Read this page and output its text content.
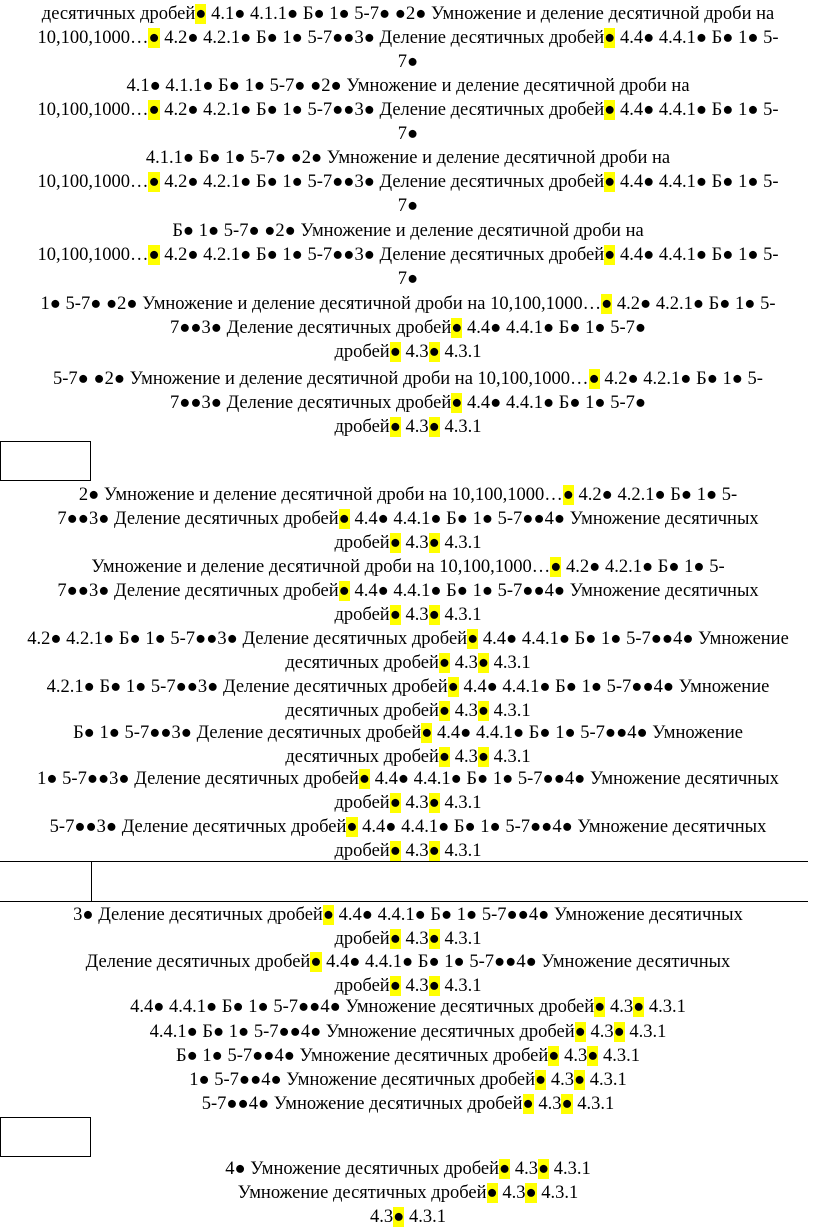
десятичных дробей● 4.1● 4.1.1● Б● 1● 5-7● ●2● Умножение и деление десятичной дроби на
10,100,1000…● 4.2● 4.2.1● Б● 1● 5-7●●3● Деление десятичных дробей● 4.4● 4.4.1● Б● 1● 5-
7●
4.1● 4.1.1● Б● 1● 5-7● ●2● Умножение и деление десятичной дроби на
10,100,1000…● 4.2● 4.2.1● Б● 1● 5-7●●3● Деление десятичных дробей● 4.4● 4.4.1● Б● 1● 5-
7●
4.1.1● Б● 1● 5-7● ●2● Умножение и деление десятичной дроби на
10,100,1000…● 4.2● 4.2.1● Б● 1● 5-7●●3● Деление десятичных дробей● 4.4● 4.4.1● Б● 1● 5-
7●
Б● 1● 5-7● ●2● Умножение и деление десятичной дроби на
10,100,1000…● 4.2● 4.2.1● Б● 1● 5-7●●3● Деление десятичных дробей● 4.4● 4.4.1● Б● 1● 5-
7●
1● 5-7● ●2● Умножение и деление десятичной дроби на 10,100,1000…● 4.2● 4.2.1● Б● 1● 5-
7●●3● Деление десятичных дробей● 4.4● 4.4.1● Б● 1● 5-7●
дробей● 4.3● 4.3.1
5-7● ●2● Умножение и деление десятичной дроби на 10,100,1000…● 4.2● 4.2.1● Б● 1● 5-
7●●3● Деление десятичных дробей● 4.4● 4.4.1● Б● 1● 5-7●
дробей● 4.3● 4.3.1
2● Умножение и деление десятичной дроби на 10,100,1000…● 4.2● 4.2.1● Б● 1● 5-
7●●3● Деление десятичных дробей● 4.4● 4.4.1● Б● 1● 5-7●●4● Умножение десятичных
дробей● 4.3● 4.3.1
Умножение и деление десятичной дроби на 10,100,1000…● 4.2● 4.2.1● Б● 1● 5-
7●●3● Деление десятичных дробей● 4.4● 4.4.1● Б● 1● 5-7●●4● Умножение десятичных
дробей● 4.3● 4.3.1
4.2● 4.2.1● Б● 1● 5-7●●3● Деление десятичных дробей● 4.4● 4.4.1● Б● 1● 5-7●●4● Умножение
десятичных дробей● 4.3● 4.3.1
4.2.1● Б● 1● 5-7●●3● Деление десятичных дробей● 4.4● 4.4.1● Б● 1● 5-7●●4● Умножение
десятичных дробей● 4.3● 4.3.1
Б● 1● 5-7●●3● Деление десятичных дробей● 4.4● 4.4.1● Б● 1● 5-7●●4● Умножение
десятичных дробей● 4.3● 4.3.1
1● 5-7●●3● Деление десятичных дробей● 4.4● 4.4.1● Б● 1● 5-7●●4● Умножение десятичных
дробей● 4.3● 4.3.1
5-7●●3● Деление десятичных дробей● 4.4● 4.4.1● Б● 1● 5-7●●4● Умножение десятичных
дробей● 4.3● 4.3.1
3● Деление десятичных дробей● 4.4● 4.4.1● Б● 1● 5-7●●4● Умножение десятичных
дробей● 4.3● 4.3.1
Деление десятичных дробей● 4.4● 4.4.1● Б● 1● 5-7●●4● Умножение десятичных
дробей● 4.3● 4.3.1
4.4● 4.4.1● Б● 1● 5-7●●4● Умножение десятичных дробей● 4.3● 4.3.1
4.4.1● Б● 1● 5-7●●4● Умножение десятичных дробей● 4.3● 4.3.1
Б● 1● 5-7●●4● Умножение десятичных дробей● 4.3● 4.3.1
1● 5-7●●4● Умножение десятичных дробей● 4.3● 4.3.1
5-7●●4● Умножение десятичных дробей● 4.3● 4.3.1
4● Умножение десятичных дробей● 4.3● 4.3.1
Умножение десятичных дробей● 4.3● 4.3.1
4.3● 4.3.1
